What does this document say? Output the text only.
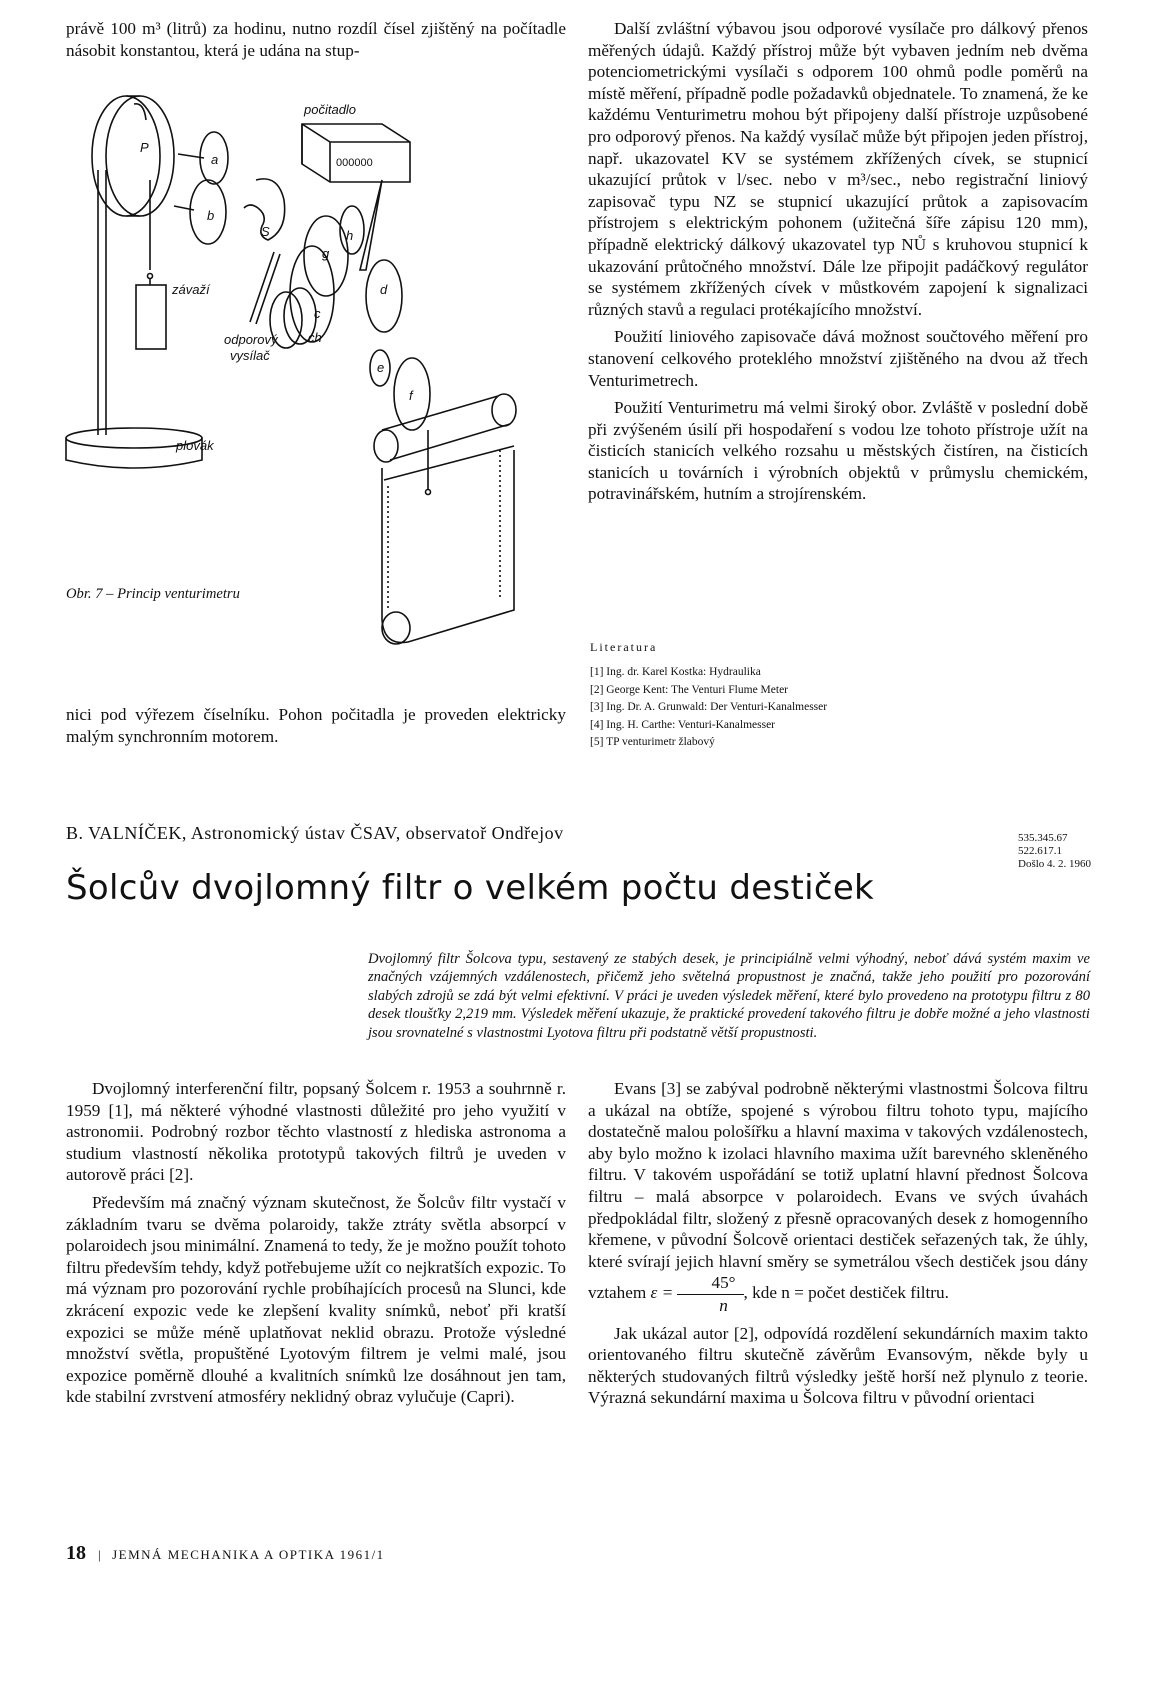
právě 100 m³ (litrů) za hodinu, nutno rozdíl čísel zjištěný na počítadle násobit konstantou, která je udána na stup-

počitadlo
000000
závaží
odporový
vysílač
plovák
P
a
b
S
g
h
c
ch
d
e
f
Obr. 7 – Princip venturimetru

nici pod výřezem číselníku. Pohon počitadla je proveden elektricky malým synchronním motorem.

Další zvláštní výbavou jsou odporové vysílače pro dálkový přenos měřených údajů. Každý přístroj může být vybaven jedním neb dvěma potenciometrickými vysílači s odporem 100 ohmů podle poměrů na místě měření, případně podle požadavků objednatele. To znamená, že ke každému Venturimetru mohou být připojeny další přístroje uzpůsobené pro odporový přenos. Na každý vysílač může být připojen jeden přístroj, např. ukazovatel KV se systémem zkřížených cívek, se stupnicí ukazující průtok v l/sec. nebo v m³/sec., nebo registrační liniový zapisovač typu NZ se stupnicí ukazující průtok a zapisovacím přístrojem s elektrickým pohonem (užitečná šíře zápisu 120 mm), případně elektrický dálkový ukazovatel typ NŮ s kruhovou stupnicí k ukazování průtočného množství. Dále lze připojit padáčkový regulátor se systémem zkřížených cívek v můstkovém zapojení k signalizaci různých stavů a regulaci protékajícího množství.

Použití liniového zapisovače dává možnost součtového měření pro stanovení celkového proteklého množství zjištěného na dvou až třech Venturimetrech.

Použití Venturimetru má velmi široký obor. Zvláště v poslední době při zvýšeném úsilí při hospodaření s vodou lze tohoto přístroje užít na čisticích stanicích velkého rozsahu u městských čistíren, na čisticích stanicích u továrních i výrobních objektů v průmyslu chemickém, potravinářském, hutním a strojírenském.

Literatura
[1] Ing. dr. Karel Kostka: Hydraulika
[2] George Kent: The Venturi Flume Meter
[3] Ing. Dr. A. Grunwald: Der Venturi-Kanalmesser
[4] Ing. H. Carthe: Venturi-Kanalmesser
[5] TP venturimetr žlabový
B. VALNÍČEK, Astronomický ústav ČSAV, observatoř Ondřejov	535.345.67
522.617.1
Došlo 4. 2. 1960
Šolcův dvojlomný filtr o velkém počtu destiček

Dvojlomný filtr Šolcova typu, sestavený ze stabých desek, je principiálně velmi výhodný, neboť dává systém maxim ve značných vzájemných vzdálenostech, přičemž jeho světelná propustnost je značná, takže jeho použití pro pozorování slabých zdrojů se zdá být velmi efektivní. V práci je uveden výsledek měření, které bylo provedeno na prototypu filtru z 80 desek tloušťky 2,219 mm. Výsledek měření ukazuje, že praktické provedení takového filtru je dobře možné a jeho vlastnosti jsou srovnatelné s vlastnostmi Lyotova filtru při podstatně větší propustnosti.

Dvojlomný interferenční filtr, popsaný Šolcem r. 1953 a souhrnně r. 1959 [1], má některé výhodné vlastnosti důležité pro jeho využití v astronomii. Podrobný rozbor těchto vlastností z hlediska astronoma a studium vlastností několika prototypů takových filtrů je uveden v autorově práci [2].

Především má značný význam skutečnost, že Šolcův filtr vystačí v základním tvaru se dvěma polaroidy, takže ztráty světla absorpcí v polaroidech jsou minimální. Znamená to tedy, že je možno použít tohoto filtru především tehdy, když potřebujeme užít co nejkratších expozic. To má význam pro pozorování rychle probíhajících procesů na Slunci, kde zkrácení expozic vede ke zlepšení kvality snímků, neboť při kratší expozici se může méně uplatňovat neklid obrazu. Protože výsledné množství světla, propuštěné Lyotovým filtrem je velmi malé, jsou expozice poměrně dlouhé a kvalitních snímků lze dosáhnout jen tam, kde stabilní zvrstvení atmosféry neklidný obraz vylučuje (Capri).

Evans [3] se zabýval podrobně některými vlastnostmi Šolcova filtru a ukázal na obtíže, spojené s výrobou filtru tohoto typu, majícího dostatečně malou pološířku a hlavní maxima v takových vzdálenostech, aby bylo možno k izolaci hlavního maxima užít barevného skleněného filtru. V takovém uspořádání se totiž uplatní hlavní přednost Šolcova filtru – malá absorpce v polaroidech. Evans ve svých úvahách předpokládal filtr, složený z přesně opracovaných desek z homogenního křemene, v původní Šolcově orientaci destiček seřazených tak, že úhly, které svírají jejich hlavní směry se symetrálou všech destiček jsou dány vztahem $\varepsilon = \frac{45^\circ}{n}$ , kde n = počet destiček filtru.

Jak ukázal autor [2], odpovídá rozdělení sekundárních maxim takto orientovaného filtru skutečně závěrům Evansovým, někde byly u některých studovaných filtrů výsledky ještě horší než plynulo z teorie. Výrazná sekundární maxima u Šolcova filtru v původní orientaci

18 | JEMNÁ MECHANIKA A OPTIKA 1961/1
